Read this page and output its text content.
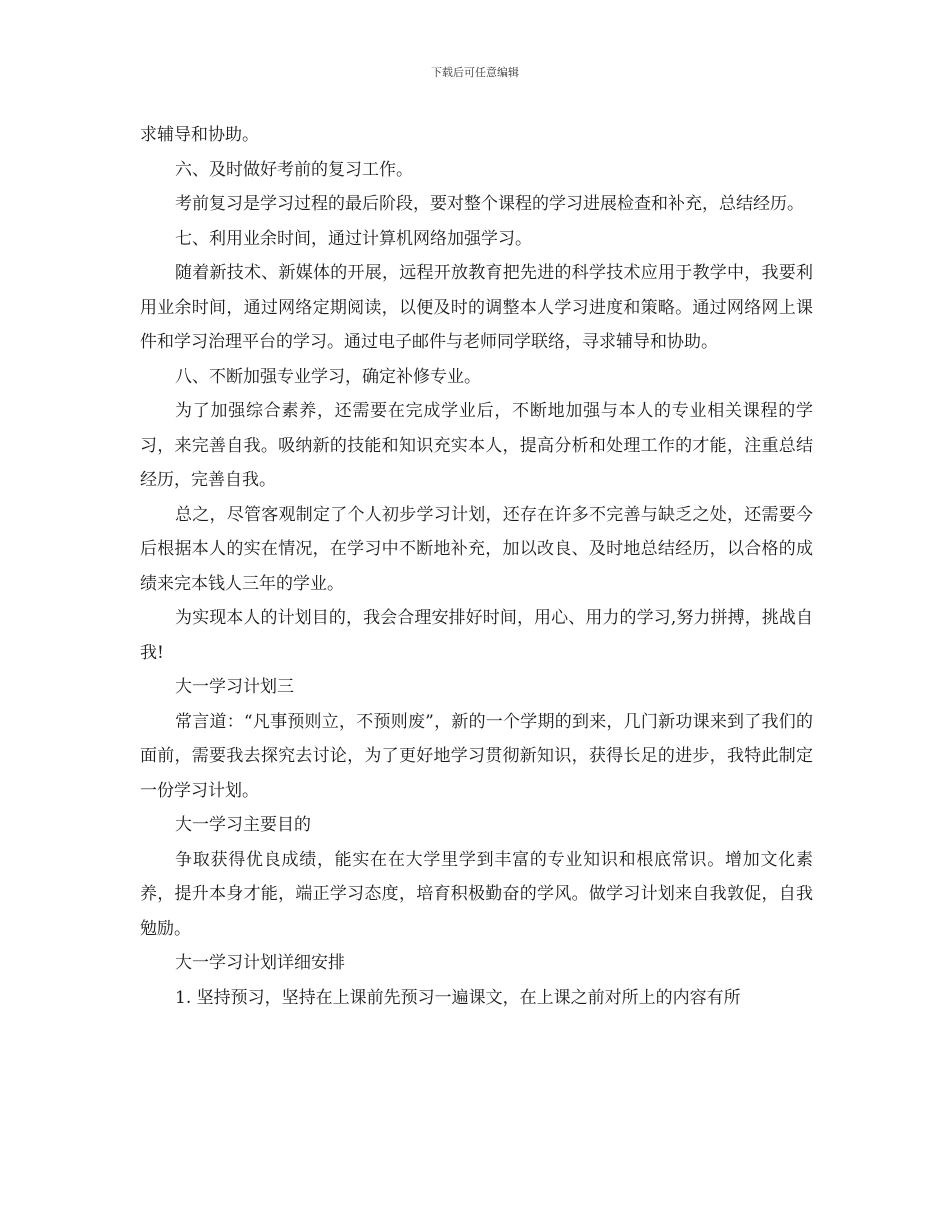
下载后可任意编辑

求辅导和协助。

六、及时做好考前的复习工作。

考前复习是学习过程的最后阶段，要对整个课程的学习进展检查和补充，总结经历。

七、利用业余时间，通过计算机网络加强学习。

随着新技术、新媒体的开展，远程开放教育把先进的科学技术应用于教学中，我要利用业余时间，通过网络定期阅读，以便及时的调整本人学习进度和策略。通过网络网上课件和学习治理平台的学习。通过电子邮件与老师同学联络，寻求辅导和协助。

八、不断加强专业学习，确定补修专业。

为了加强综合素养，还需要在完成学业后，不断地加强与本人的专业相关课程的学习，来完善自我。吸纳新的技能和知识充实本人，提高分析和处理工作的才能，注重总结经历，完善自我。

总之，尽管客观制定了个人初步学习计划，还存在许多不完善与缺乏之处，还需要今后根据本人的实在情况，在学习中不断地补充，加以改良、及时地总结经历，以合格的成绩来完本钱人三年的学业。

为实现本人的计划目的，我会合理安排好时间，用心、用力的学习,努力拼搏，挑战自我!

大一学习计划三

常言道：“凡事预则立，不预则废”，新的一个学期的到来，几门新功课来到了我们的面前，需要我去探究去讨论，为了更好地学习贯彻新知识，获得长足的进步，我特此制定一份学习计划。

大一学习主要目的

争取获得优良成绩，能实在在大学里学到丰富的专业知识和根底常识。增加文化素养，提升本身才能，端正学习态度，培育积极勤奋的学风。做学习计划来自我敦促，自我勉励。

大一学习计划详细安排

1. 坚持预习，坚持在上课前先预习一遍课文，在上课之前对所上的内容有所
